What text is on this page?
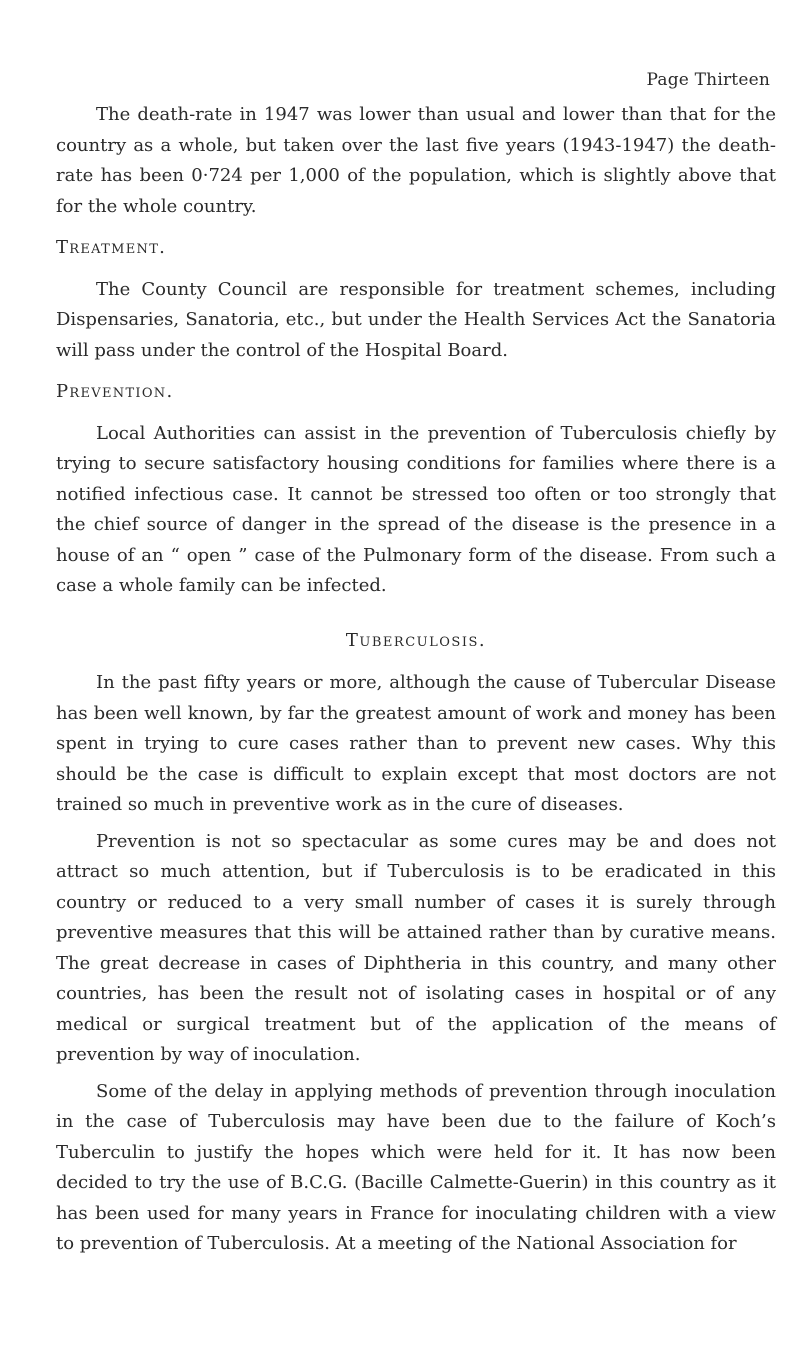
Page Thirteen

The death-rate in 1947 was lower than usual and lower than that for the country as a whole, but taken over the last five years (1943-1947) the death-rate has been 0·724 per 1,000 of the population, which is slightly above that for the whole country.

Treatment.

The County Council are responsible for treatment schemes, including Dispensaries, Sanatoria, etc., but under the Health Services Act the Sanatoria will pass under the control of the Hospital Board.

Prevention.

Local Authorities can assist in the prevention of Tuberculosis chiefly by trying to secure satisfactory housing conditions for families where there is a notified infectious case. It cannot be stressed too often or too strongly that the chief source of danger in the spread of the disease is the presence in a house of an “ open ” case of the Pulmonary form of the disease. From such a case a whole family can be infected.

Tuberculosis.

In the past fifty years or more, although the cause of Tubercular Disease has been well known, by far the greatest amount of work and money has been spent in trying to cure cases rather than to prevent new cases. Why this should be the case is difficult to explain except that most doctors are not trained so much in preventive work as in the cure of diseases.

Prevention is not so spectacular as some cures may be and does not attract so much attention, but if Tuberculosis is to be eradicated in this country or reduced to a very small number of cases it is surely through preventive measures that this will be attained rather than by curative means. The great decrease in cases of Diphtheria in this country, and many other countries, has been the result not of isolating cases in hospital or of any medical or surgical treatment but of the application of the means of prevention by way of inoculation.

Some of the delay in applying methods of prevention through inoculation in the case of Tuberculosis may have been due to the failure of Koch’s Tuberculin to justify the hopes which were held for it. It has now been decided to try the use of B.C.G. (Bacille Calmette-Guerin) in this country as it has been used for many years in France for inoculating children with a view to prevention of Tuberculosis. At a meeting of the National Association for
